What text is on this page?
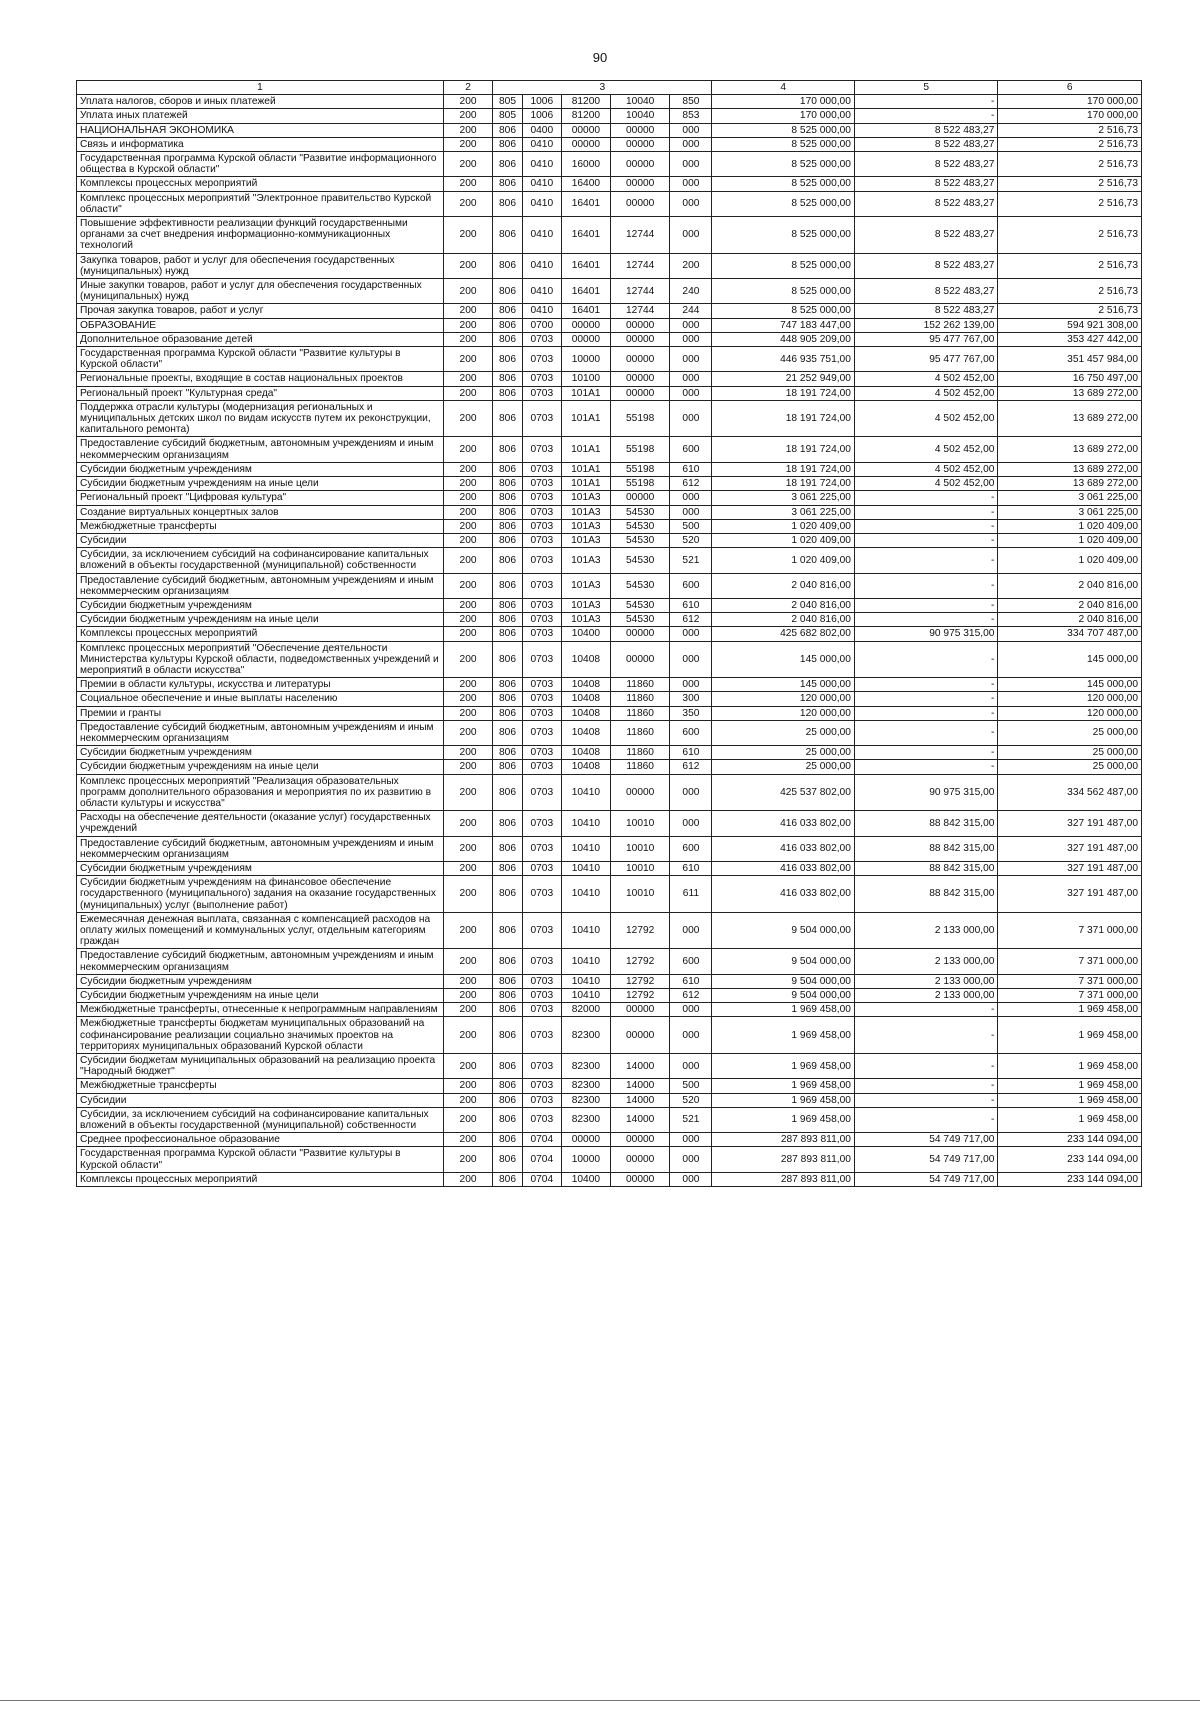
90
1	2	3					4	5	6
Уплата налогов, сборов и иных платежей	200	805	1006	81200	10040	850	170 000,00	-	170 000,00
Уплата иных платежей	200	805	1006	81200	10040	853	170 000,00	-	170 000,00
НАЦИОНАЛЬНАЯ ЭКОНОМИКА	200	806	0400	00000	00000	000	8 525 000,00	8 522 483,27	2 516,73
Связь и информатика	200	806	0410	00000	00000	000	8 525 000,00	8 522 483,27	2 516,73
Государственная программа Курской области "Развитие информационного общества в Курской области"	200	806	0410	16000	00000	000	8 525 000,00	8 522 483,27	2 516,73
Комплексы процессных мероприятий	200	806	0410	16400	00000	000	8 525 000,00	8 522 483,27	2 516,73
Комплекс процессных мероприятий "Электронное правительство Курской области"	200	806	0410	16401	00000	000	8 525 000,00	8 522 483,27	2 516,73
Повышение эффективности реализации функций государственными органами за счет внедрения информационно-коммуникационных технологий	200	806	0410	16401	12744	000	8 525 000,00	8 522 483,27	2 516,73
Закупка товаров, работ и услуг для обеспечения государственных (муниципальных) нужд	200	806	0410	16401	12744	200	8 525 000,00	8 522 483,27	2 516,73
Иные закупки товаров, работ и услуг для обеспечения государственных (муниципальных) нужд	200	806	0410	16401	12744	240	8 525 000,00	8 522 483,27	2 516,73
Прочая закупка товаров, работ и услуг	200	806	0410	16401	12744	244	8 525 000,00	8 522 483,27	2 516,73
ОБРАЗОВАНИЕ	200	806	0700	00000	00000	000	747 183 447,00	152 262 139,00	594 921 308,00
Дополнительное образование детей	200	806	0703	00000	00000	000	448 905 209,00	95 477 767,00	353 427 442,00
Государственная программа Курской области "Развитие культуры в Курской области"	200	806	0703	10000	00000	000	446 935 751,00	95 477 767,00	351 457 984,00
Региональные проекты, входящие в состав национальных проектов	200	806	0703	10100	00000	000	21 252 949,00	4 502 452,00	16 750 497,00
Региональный проект "Культурная среда"	200	806	0703	101A1	00000	000	18 191 724,00	4 502 452,00	13 689 272,00
Поддержка отрасли культуры (модернизация региональных и муниципальных детских школ по видам искусств путем их реконструкции, капитального ремонта)	200	806	0703	101A1	55198	000	18 191 724,00	4 502 452,00	13 689 272,00
Предоставление субсидий бюджетным, автономным учреждениям и иным некоммерческим организациям	200	806	0703	101A1	55198	600	18 191 724,00	4 502 452,00	13 689 272,00
Субсидии бюджетным учреждениям	200	806	0703	101A1	55198	610	18 191 724,00	4 502 452,00	13 689 272,00
Субсидии бюджетным учреждениям на иные цели	200	806	0703	101A1	55198	612	18 191 724,00	4 502 452,00	13 689 272,00
Региональный проект "Цифровая культура"	200	806	0703	101A3	00000	000	3 061 225,00	-	3 061 225,00
Создание виртуальных концертных залов	200	806	0703	101A3	54530	000	3 061 225,00	-	3 061 225,00
Межбюджетные трансферты	200	806	0703	101A3	54530	500	1 020 409,00	-	1 020 409,00
Субсидии	200	806	0703	101A3	54530	520	1 020 409,00	-	1 020 409,00
Субсидии, за исключением субсидий на софинансирование капитальных вложений в объекты государственной (муниципальной) собственности	200	806	0703	101A3	54530	521	1 020 409,00	-	1 020 409,00
Предоставление субсидий бюджетным, автономным учреждениям и иным некоммерческим организациям	200	806	0703	101A3	54530	600	2 040 816,00	-	2 040 816,00
Субсидии бюджетным учреждениям	200	806	0703	101A3	54530	610	2 040 816,00	-	2 040 816,00
Субсидии бюджетным учреждениям на иные цели	200	806	0703	101A3	54530	612	2 040 816,00	-	2 040 816,00
Комплексы процессных мероприятий	200	806	0703	10400	00000	000	425 682 802,00	90 975 315,00	334 707 487,00
Комплекс процессных мероприятий "Обеспечение деятельности Министерства культуры Курской области, подведомственных учреждений и мероприятий в области искусства"	200	806	0703	10408	00000	000	145 000,00	-	145 000,00
Премии в области культуры, искусства и литературы	200	806	0703	10408	11860	000	145 000,00	-	145 000,00
Социальное обеспечение и иные выплаты населению	200	806	0703	10408	11860	300	120 000,00	-	120 000,00
Премии и гранты	200	806	0703	10408	11860	350	120 000,00	-	120 000,00
Предоставление субсидий бюджетным, автономным учреждениям и иным некоммерческим организациям	200	806	0703	10408	11860	600	25 000,00	-	25 000,00
Субсидии бюджетным учреждениям	200	806	0703	10408	11860	610	25 000,00	-	25 000,00
Субсидии бюджетным учреждениям на иные цели	200	806	0703	10408	11860	612	25 000,00	-	25 000,00
Комплекс процессных мероприятий "Реализация образовательных программ дополнительного образования и мероприятия по их развитию в области культуры и искусства"	200	806	0703	10410	00000	000	425 537 802,00	90 975 315,00	334 562 487,00
Расходы на обеспечение деятельности (оказание услуг) государственных учреждений	200	806	0703	10410	10010	000	416 033 802,00	88 842 315,00	327 191 487,00
Предоставление субсидий бюджетным, автономным учреждениям и иным некоммерческим организациям	200	806	0703	10410	10010	600	416 033 802,00	88 842 315,00	327 191 487,00
Субсидии бюджетным учреждениям	200	806	0703	10410	10010	610	416 033 802,00	88 842 315,00	327 191 487,00
Субсидии бюджетным учреждениям на финансовое обеспечение государственного (муниципального) задания на оказание государственных (муниципальных) услуг (выполнение работ)	200	806	0703	10410	10010	611	416 033 802,00	88 842 315,00	327 191 487,00
Ежемесячная денежная выплата, связанная с компенсацией расходов на оплату жилых помещений и коммунальных услуг, отдельным категориям граждан	200	806	0703	10410	12792	000	9 504 000,00	2 133 000,00	7 371 000,00
Предоставление субсидий бюджетным, автономным учреждениям и иным некоммерческим организациям	200	806	0703	10410	12792	600	9 504 000,00	2 133 000,00	7 371 000,00
Субсидии бюджетным учреждениям	200	806	0703	10410	12792	610	9 504 000,00	2 133 000,00	7 371 000,00
Субсидии бюджетным учреждениям на иные цели	200	806	0703	10410	12792	612	9 504 000,00	2 133 000,00	7 371 000,00
Межбюджетные трансферты, отнесенные к непрограммным направлениям	200	806	0703	82000	00000	000	1 969 458,00	-	1 969 458,00
Межбюджетные трансферты бюджетам муниципальных образований на софинансирование реализации социально значимых проектов на территориях муниципальных образований Курской области	200	806	0703	82300	00000	000	1 969 458,00	-	1 969 458,00
Субсидии бюджетам муниципальных образований на реализацию проекта "Народный бюджет"	200	806	0703	82300	14000	000	1 969 458,00	-	1 969 458,00
Межбюджетные трансферты	200	806	0703	82300	14000	500	1 969 458,00	-	1 969 458,00
Субсидии	200	806	0703	82300	14000	520	1 969 458,00	-	1 969 458,00
Субсидии, за исключением субсидий на софинансирование капитальных вложений в объекты государственной (муниципальной) собственности	200	806	0703	82300	14000	521	1 969 458,00	-	1 969 458,00
Среднее профессиональное образование	200	806	0704	00000	00000	000	287 893 811,00	54 749 717,00	233 144 094,00
Государственная программа Курской области "Развитие культуры в Курской области"	200	806	0704	10000	00000	000	287 893 811,00	54 749 717,00	233 144 094,00
Комплексы процессных мероприятий	200	806	0704	10400	00000	000	287 893 811,00	54 749 717,00	233 144 094,00
